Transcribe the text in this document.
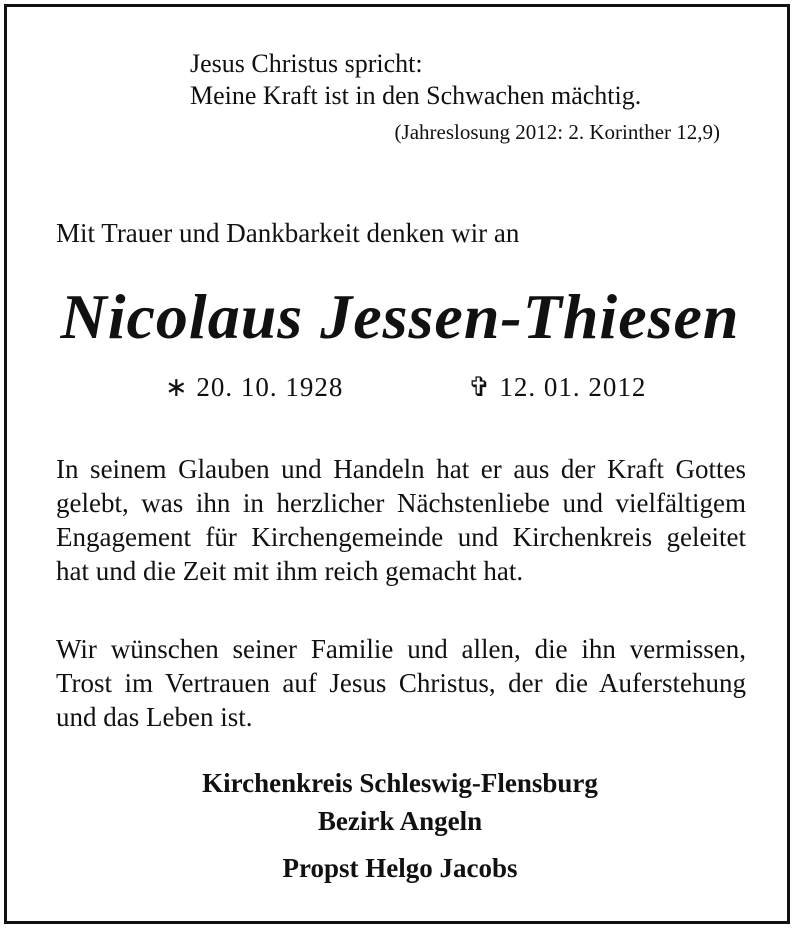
Jesus Christus spricht:
Meine Kraft ist in den Schwachen mächtig.
(Jahreslosung 2012: 2. Korinther 12,9)
Mit Trauer und Dankbarkeit denken wir an
Nicolaus Jessen-Thiesen
∗ 20. 10. 1928	✞ 12. 01. 2012
In seinem Glauben und Handeln hat er aus der Kraft Gottes gelebt, was ihn in herzlicher Nächstenliebe und vielfältigem Engagement für Kirchengemeinde und Kirchenkreis geleitet hat und die Zeit mit ihm reich gemacht hat.
Wir wünschen seiner Familie und allen, die ihn vermissen, Trost im Vertrauen auf Jesus Christus, der die Auferstehung und das Leben ist.
Kirchenkreis Schleswig-Flensburg
Bezirk Angeln
Propst Helgo Jacobs
